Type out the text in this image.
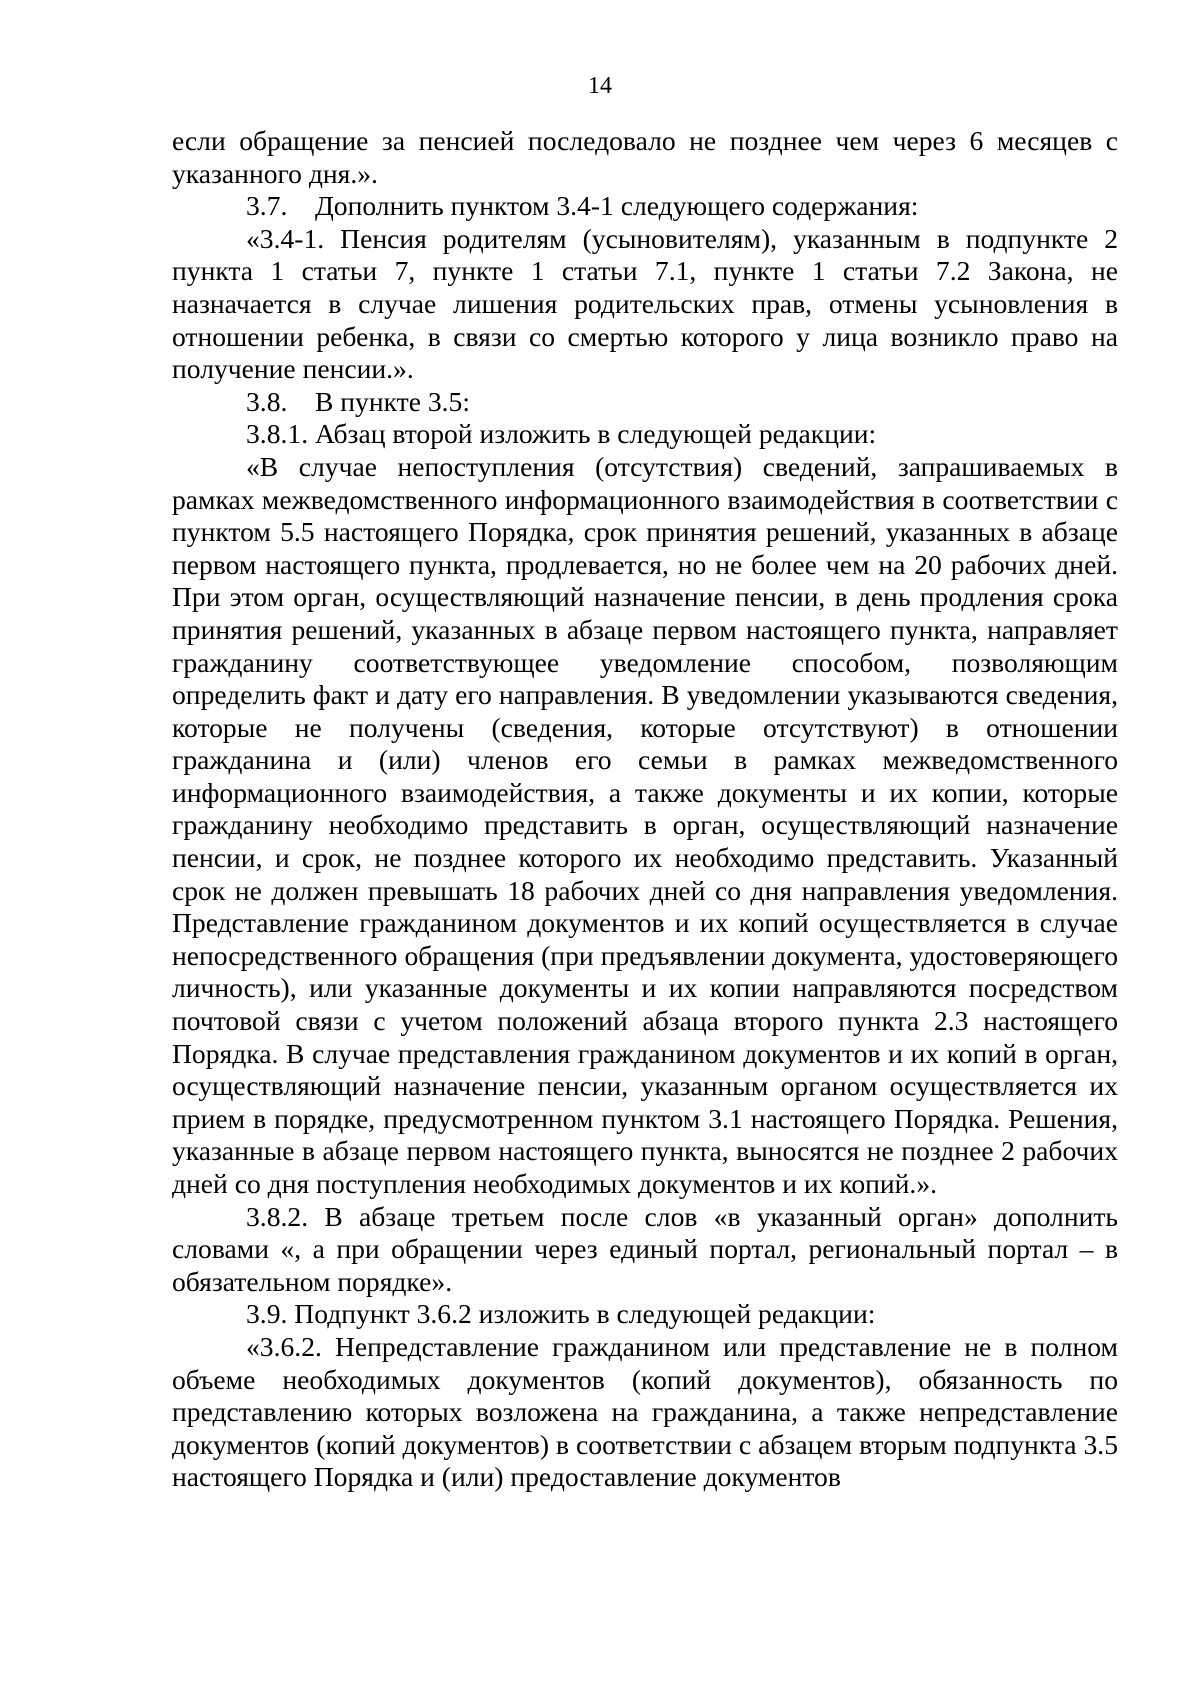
14

если обращение за пенсией последовало не позднее чем через 6 месяцев с указанного дня.».

3.7.    Дополнить пунктом 3.4-1 следующего содержания:

«3.4-1. Пенсия родителям (усыновителям), указанным в подпункте 2 пункта 1 статьи 7, пункте 1 статьи 7.1, пункте 1 статьи 7.2 Закона, не назначается в случае лишения родительских прав, отмены усыновления в отношении ребенка, в связи со смертью которого у лица возникло право на получение пенсии.».

3.8.    В пункте 3.5:

3.8.1. Абзац второй изложить в следующей редакции:

«В случае непоступления (отсутствия) сведений, запрашиваемых в рамках межведомственного информационного взаимодействия в соответствии с пунктом 5.5 настоящего Порядка, срок принятия решений, указанных в абзаце первом настоящего пункта, продлевается, но не более чем на 20 рабочих дней. При этом орган, осуществляющий назначение пенсии, в день продления срока принятия решений, указанных в абзаце первом настоящего пункта, направляет гражданину соответствующее уведомление способом, позволяющим определить факт и дату его направления. В уведомлении указываются сведения, которые не получены (сведения, которые отсутствуют) в отношении гражданина и (или) членов его семьи в рамках межведомственного информационного взаимодействия, а также документы и их копии, которые гражданину необходимо представить в орган, осуществляющий назначение пенсии, и срок, не позднее которого их необходимо представить. Указанный срок не должен превышать 18 рабочих дней со дня направления уведомления. Представление гражданином документов и их копий осуществляется в случае непосредственного обращения (при предъявлении документа, удостоверяющего личность), или указанные документы и их копии направляются посредством почтовой связи с учетом положений абзаца второго пункта 2.3 настоящего Порядка. В случае представления гражданином документов и их копий в орган, осуществляющий назначение пенсии, указанным органом осуществляется их прием в порядке, предусмотренном пунктом 3.1 настоящего Порядка. Решения, указанные в абзаце первом настоящего пункта, выносятся не позднее 2 рабочих дней со дня поступления необходимых документов и их копий.».

3.8.2. В абзаце третьем после слов «в указанный орган» дополнить словами «, а при обращении через единый портал, региональный портал – в обязательном порядке».

3.9. Подпункт 3.6.2 изложить в следующей редакции:

«3.6.2. Непредставление гражданином или представление не в полном объеме необходимых документов (копий документов), обязанность по представлению которых возложена на гражданина, а также непредставление документов (копий документов) в соответствии с абзацем вторым подпункта 3.5 настоящего Порядка и (или) предоставление документов
